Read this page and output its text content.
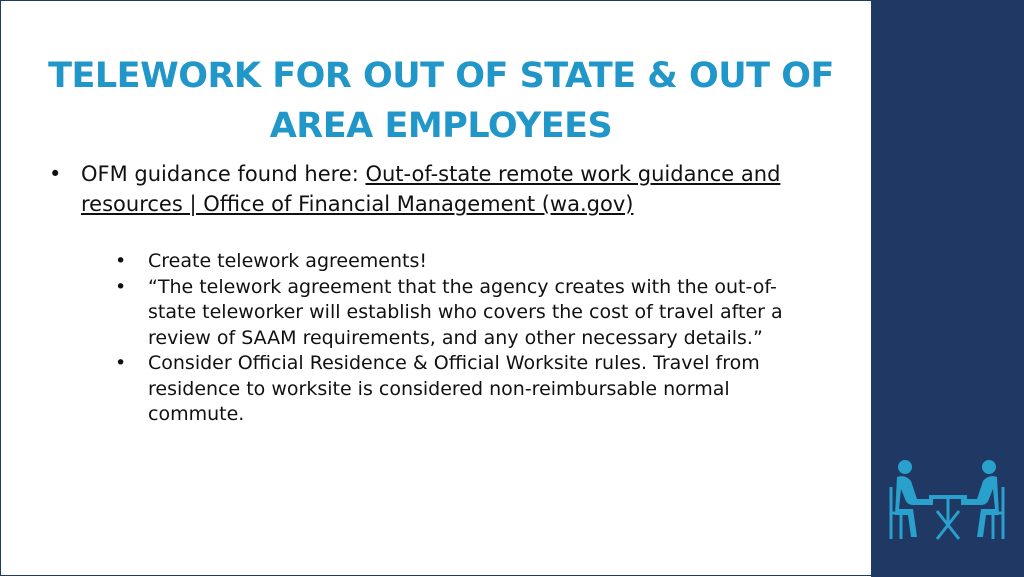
TELEWORK FOR OUT OF STATE & OUT OF
AREA EMPLOYEES
• OFM guidance found here: Out-of-state remote work guidance and resources | Office of Financial Management (wa.gov)

• Create telework agreements!

• “The telework agreement that the agency creates with the out-of-state teleworker will establish who covers the cost of travel after a review of SAAM requirements, and any other necessary details.”

• Consider Official Residence & Official Worksite rules. Travel from residence to worksite is considered non-reimbursable normal commute.
